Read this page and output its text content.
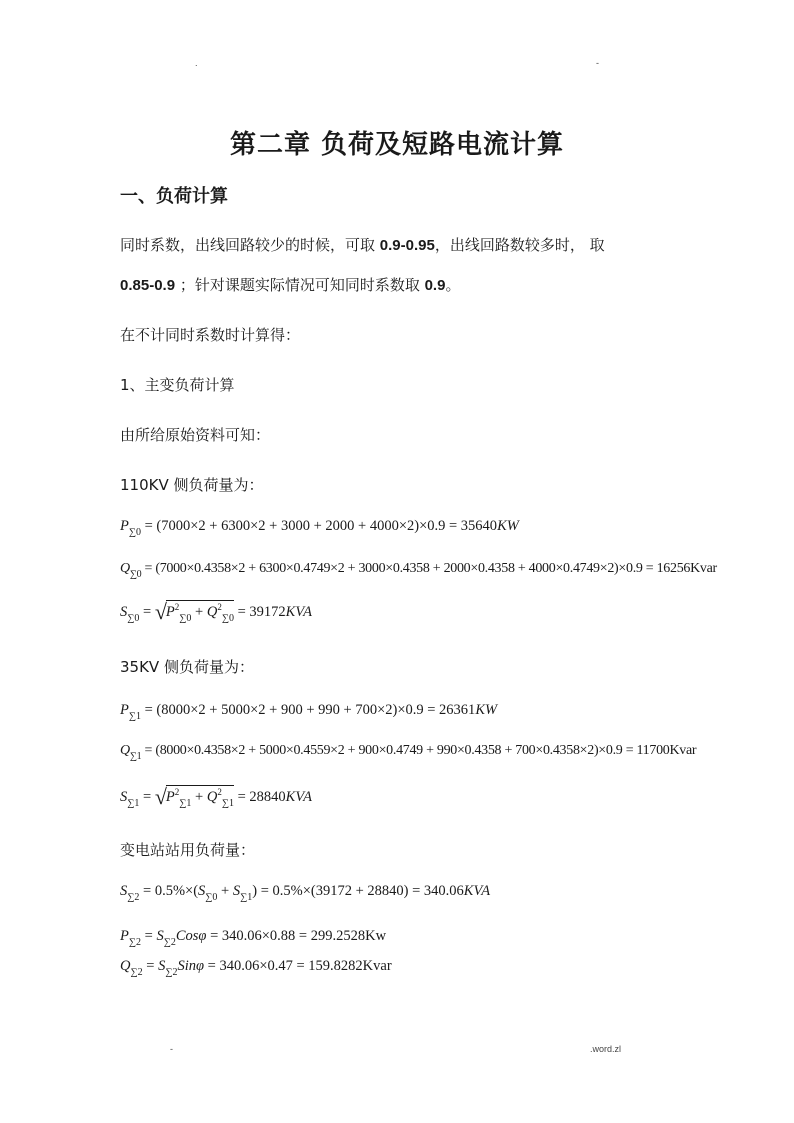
.	-
第二章 负荷及短路电流计算
一、负荷计算
同时系数，出线回路较少的时候，可取 0.9-0.95，出线回路数较多时， 取
0.85-0.9 ；针对课题实际情况可知同时系数取 0.9。
在不计同时系数时计算得：
1、主变负荷计算
由所给原始资料可知：
110KV 侧负荷量为：
$P_{\sum 0} = (7000\times 2 + 6300\times 2 + 3000 + 2000 + 4000\times 2)\times 0.9 = 35640KW$
$Q_{\sum 0} = (7000\times 0.4358\times 2 + 6300\times 0.4749\times 2 + 3000\times 0.4358 + 2000\times 0.4358 + 4000\times 0.4749\times 2)\times 0.9$ = 16256Kvar
$S_{\sum 0} = √P^2_{\sum 0} + Q^2_{\sum 0} = 39172KVA$
35KV 侧负荷量为：
$P_{\sum 1} = (8000\times 2 + 5000\times 2 + 900 + 990 + 700\times 2)\times 0.9 = 26361KW$
$Q_{\sum 1} = (8000\times 0.4358\times 2 + 5000\times 0.4559\times 2 + 900\times 0.4749 + 990\times 0.4358 + 700\times 0.4358\times 2)\times 0.9$ = 11700Kvar
$S_{\sum 1} = √P^2_{\sum 1} + Q^2_{\sum 1} = 28840KVA$
变电站站用负荷量：
$S_{\sum 2} = 0.5\%\times(S_{\sum 0} + S_{\sum 1}) = 0.5\%\times(39172 + 28840) = 340.06KVA$
$P_{\sum 2} = S_{\sum 2}Cos\varphi = 340.06\times 0.88 = 299.2528Kw$
$Q_{\sum 2} = S_{\sum 2}Sin\varphi = 340.06\times 0.47$ = 159.8282Kvar
-	.word.zl
